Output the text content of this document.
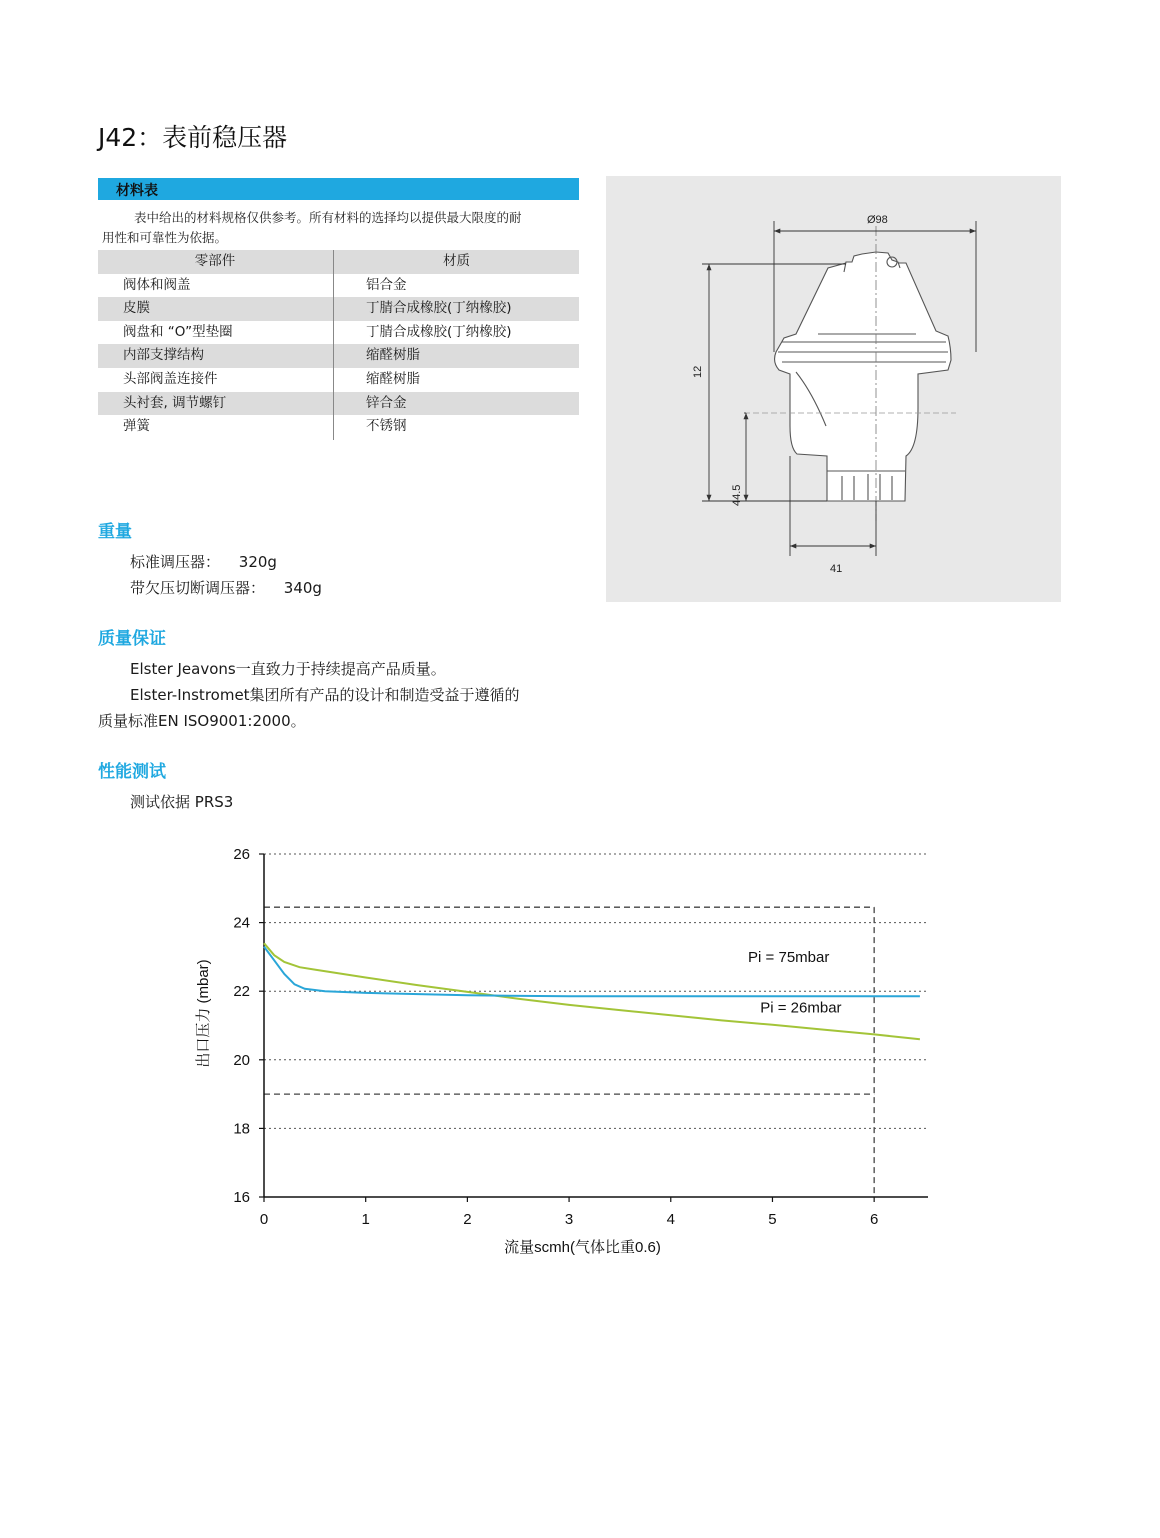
J42：表前稳压器
材料表
表中给出的材料规格仅供参考。所有材料的选择均以提供最大限度的耐
用性和可靠性为依据。
零部件	材质
阀体和阀盖	铝合金
皮膜	丁腈合成橡胶(丁纳橡胶)
阀盘和 “O”型垫圈	丁腈合成橡胶(丁纳橡胶)
内部支撑结构	缩醛树脂
头部阀盖连接件	缩醛树脂
头衬套, 调节螺钉	锌合金
弹簧	不锈钢
重量
标准调压器： 320g
带欠压切断调压器： 340g
质量保证
Elster Jeavons一直致力于持续提高产品质量。
Elster-Instromet集团所有产品的设计和制造受益于遵循的
质量标准EN ISO9001:2000。
性能测试
测试依据 PRS3
Ø98
12
44.5
41
16
18
20
22
24
26
0	1	2	3	4	5	6
Pi = 75mbar
Pi = 26mbar
流量scmh(气体比重0.6)
出口压力 (mbar)
